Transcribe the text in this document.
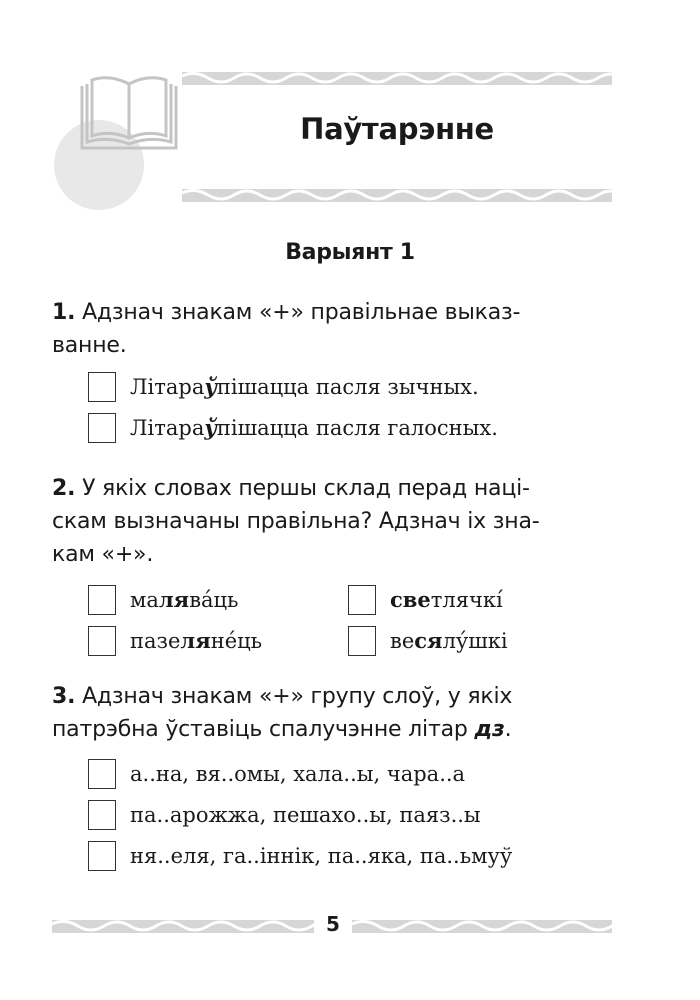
Паўтарэнне
Варыянт 1
1. Адзнач знакам «+» правільнае выказ-
ванне.
Літара ў пішацца пасля зычных.
Літара ў пішацца пасля галосных.
2. У якіх словах першы склад перад наці-
скам вызначаны правільна? Адзнач іх зна-
кам «+».
ма ля ва́ць	све тлячкі́
пазе ля не́ць	ве ся лу́шкі
3. Адзнач знакам «+» групу слоў, у якіх
патрэбна ўставіць спалучэнне літар дз.
а..на, вя..омы, хала..ы, чара..а
па..арожжа, пешахо..ы, паяз..ы
ня..еля, га..іннік, па..яка, па..ьмуў
5
